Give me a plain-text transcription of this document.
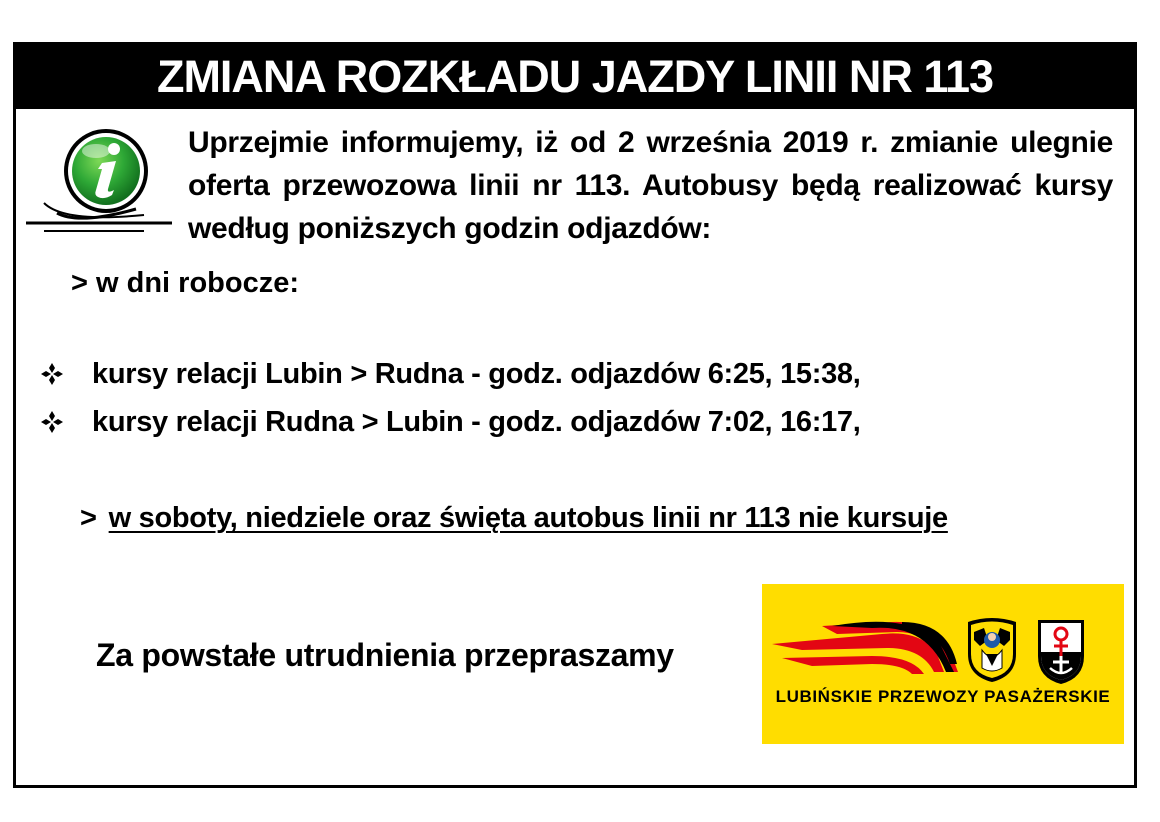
ZMIANA ROZKŁADU JAZDY LINII NR 113
Uprzejmie informujemy, iż od 2 września 2019 r. zmianie ulegnie oferta przewozowa linii nr 113. Autobusy będą realizować kursy według poniższych godzin odjazdów:
> w dni robocze:
kursy relacji Lubin > Rudna - godz. odjazdów 6:25, 15:38,
kursy relacji Rudna > Lubin - godz. odjazdów 7:02, 16:17,
> w soboty, niedziele oraz święta autobus linii nr 113 nie kursuje
Za powstałe utrudnienia przepraszamy
LUBIŃSKIE PRZEWOZY PASAŻERSKIE
